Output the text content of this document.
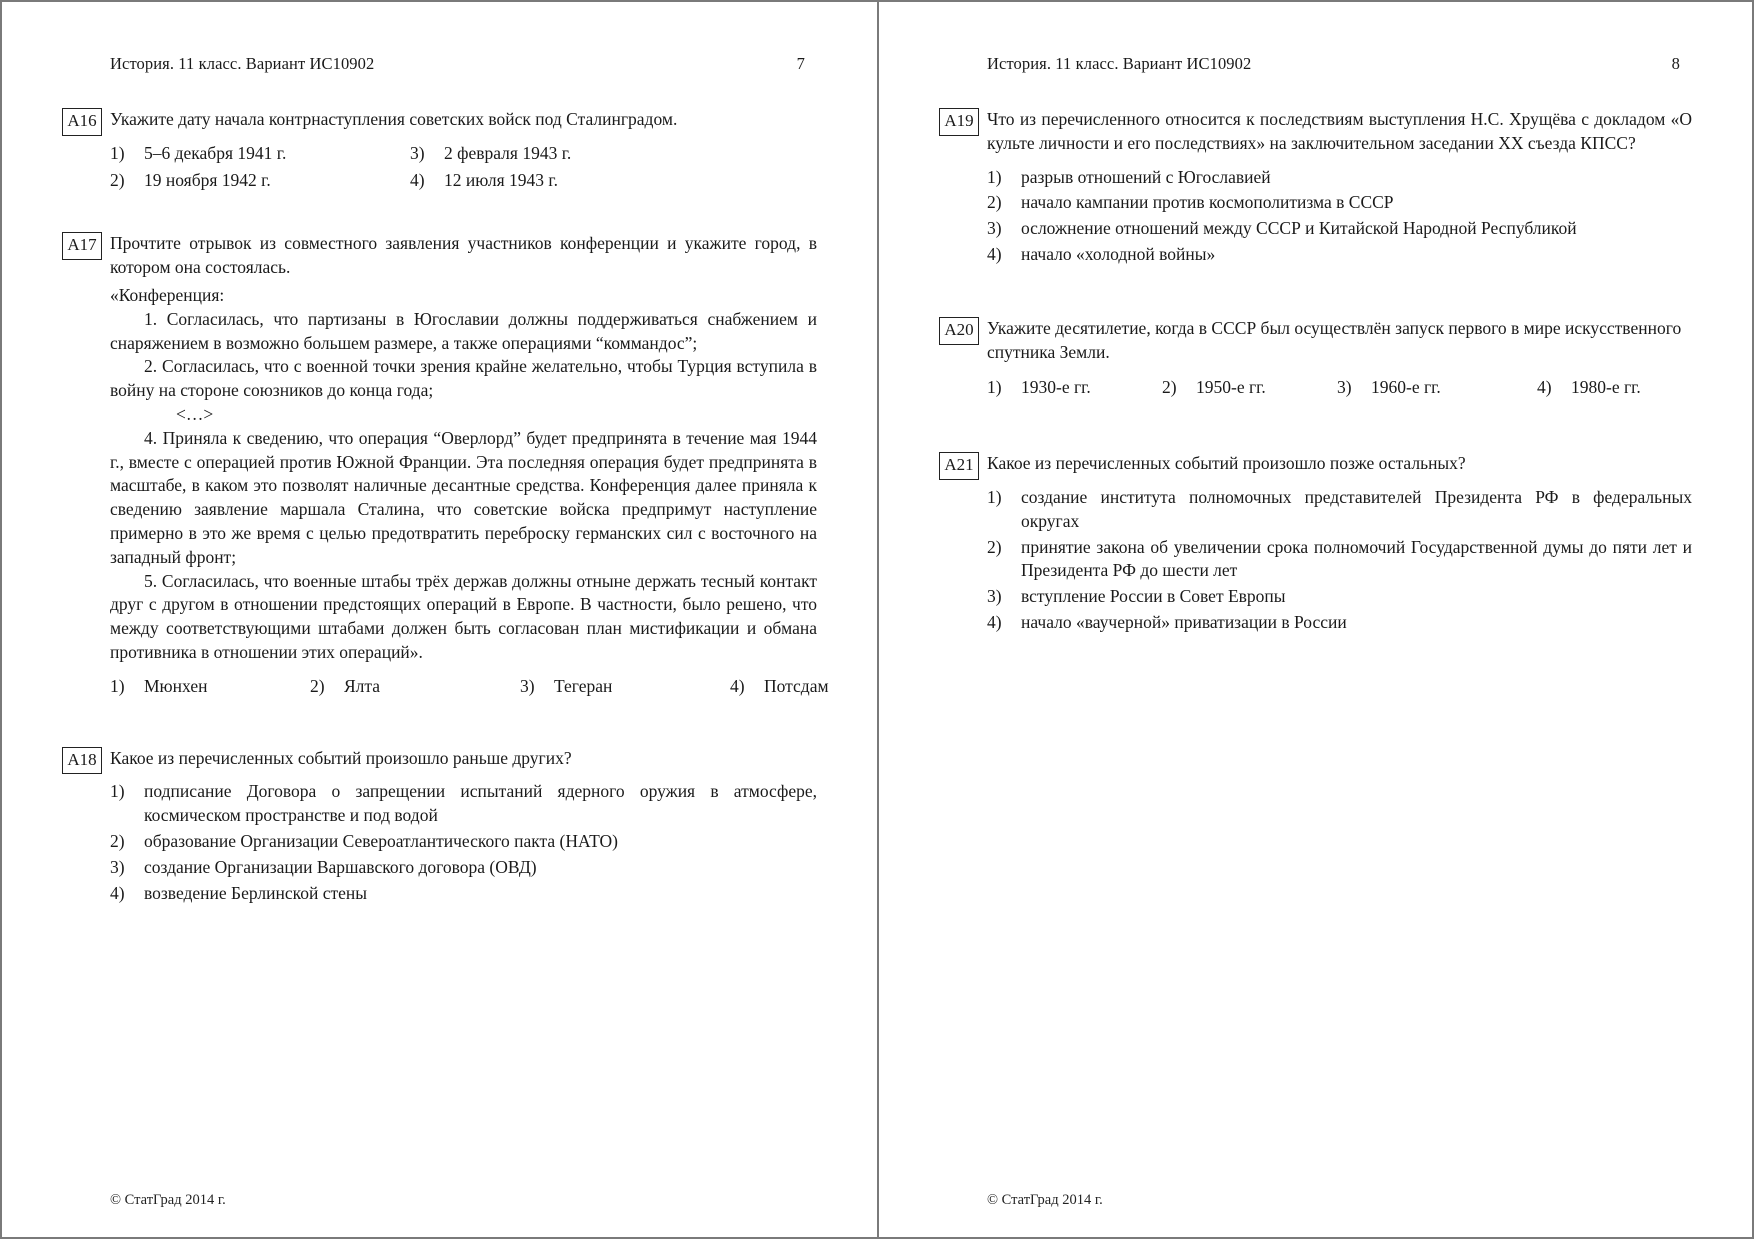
История. 11 класс. Вариант ИС10902	7
A16 Укажите дату начала контрнаступления советских войск под Сталинградом.

1) 5–6 декабря 1941 г.	3) 2 февраля 1943 г.
2) 19 ноября 1942 г.	4) 12 июля 1943 г.
A17 Прочтите отрывок из совместного заявления участников конференции и укажите город, в котором она состоялась.

«Конференция:

1. Согласилась, что партизаны в Югославии должны поддерживаться снабжением и снаряжением в возможно большем размере, а также операциями “коммандос”;

2. Согласилась, что с военной точки зрения крайне желательно, чтобы Турция вступила в войну на стороне союзников до конца года;

<…>

4. Приняла к сведению, что операция “Оверлорд” будет предпринята в течение мая 1944 г., вместе с операцией против Южной Франции. Эта последняя операция будет предпринята в масштабе, в каком это позволят наличные десантные средства. Конференция далее приняла к сведению заявление маршала Сталина, что советские войска предпримут наступление примерно в это же время с целью предотвратить переброску германских сил с восточного на западный фронт;

5. Согласилась, что военные штабы трёх держав должны отныне держать тесный контакт друг с другом в отношении предстоящих операций в Европе. В частности, было решено, что между соответствующими штабами должен быть согласован план мистификации и обмана противника в отношении этих операций».

1) Мюнхен	2) Ялта	3) Тегеран	4) Потсдам
A18 Какое из перечисленных событий произошло раньше других?

1) подписание Договора о запрещении испытаний ядерного оружия в атмосфере, космическом пространстве и под водой
2) образование Организации Североатлантического пакта (НАТО)
3) создание Организации Варшавского договора (ОВД)
4) возведение Берлинской стены
© СтатГрад 2014 г.
История. 11 класс. Вариант ИС10902	8
A19 Что из перечисленного относится к последствиям выступления Н.С. Хрущёва с докладом «О культе личности и его последствиях» на заключительном заседании XX съезда КПСС?

1) разрыв отношений с Югославией
2) начало кампании против космополитизма в СССР
3) осложнение отношений между СССР и Китайской Народной Республикой
4) начало «холодной войны»
A20 Укажите десятилетие, когда в СССР был осуществлён запуск первого в мире искусственного спутника Земли.

1) 1930-е гг.	2) 1950-е гг.	3) 1960-е гг.	4) 1980-е гг.
A21 Какое из перечисленных событий произошло позже остальных?

1) создание института полномочных представителей Президента РФ в федеральных округах
2) принятие закона об увеличении срока полномочий Государственной думы до пяти лет и Президента РФ до шести лет
3) вступление России в Совет Европы
4) начало «ваучерной» приватизации в России
© СтатГрад 2014 г.
